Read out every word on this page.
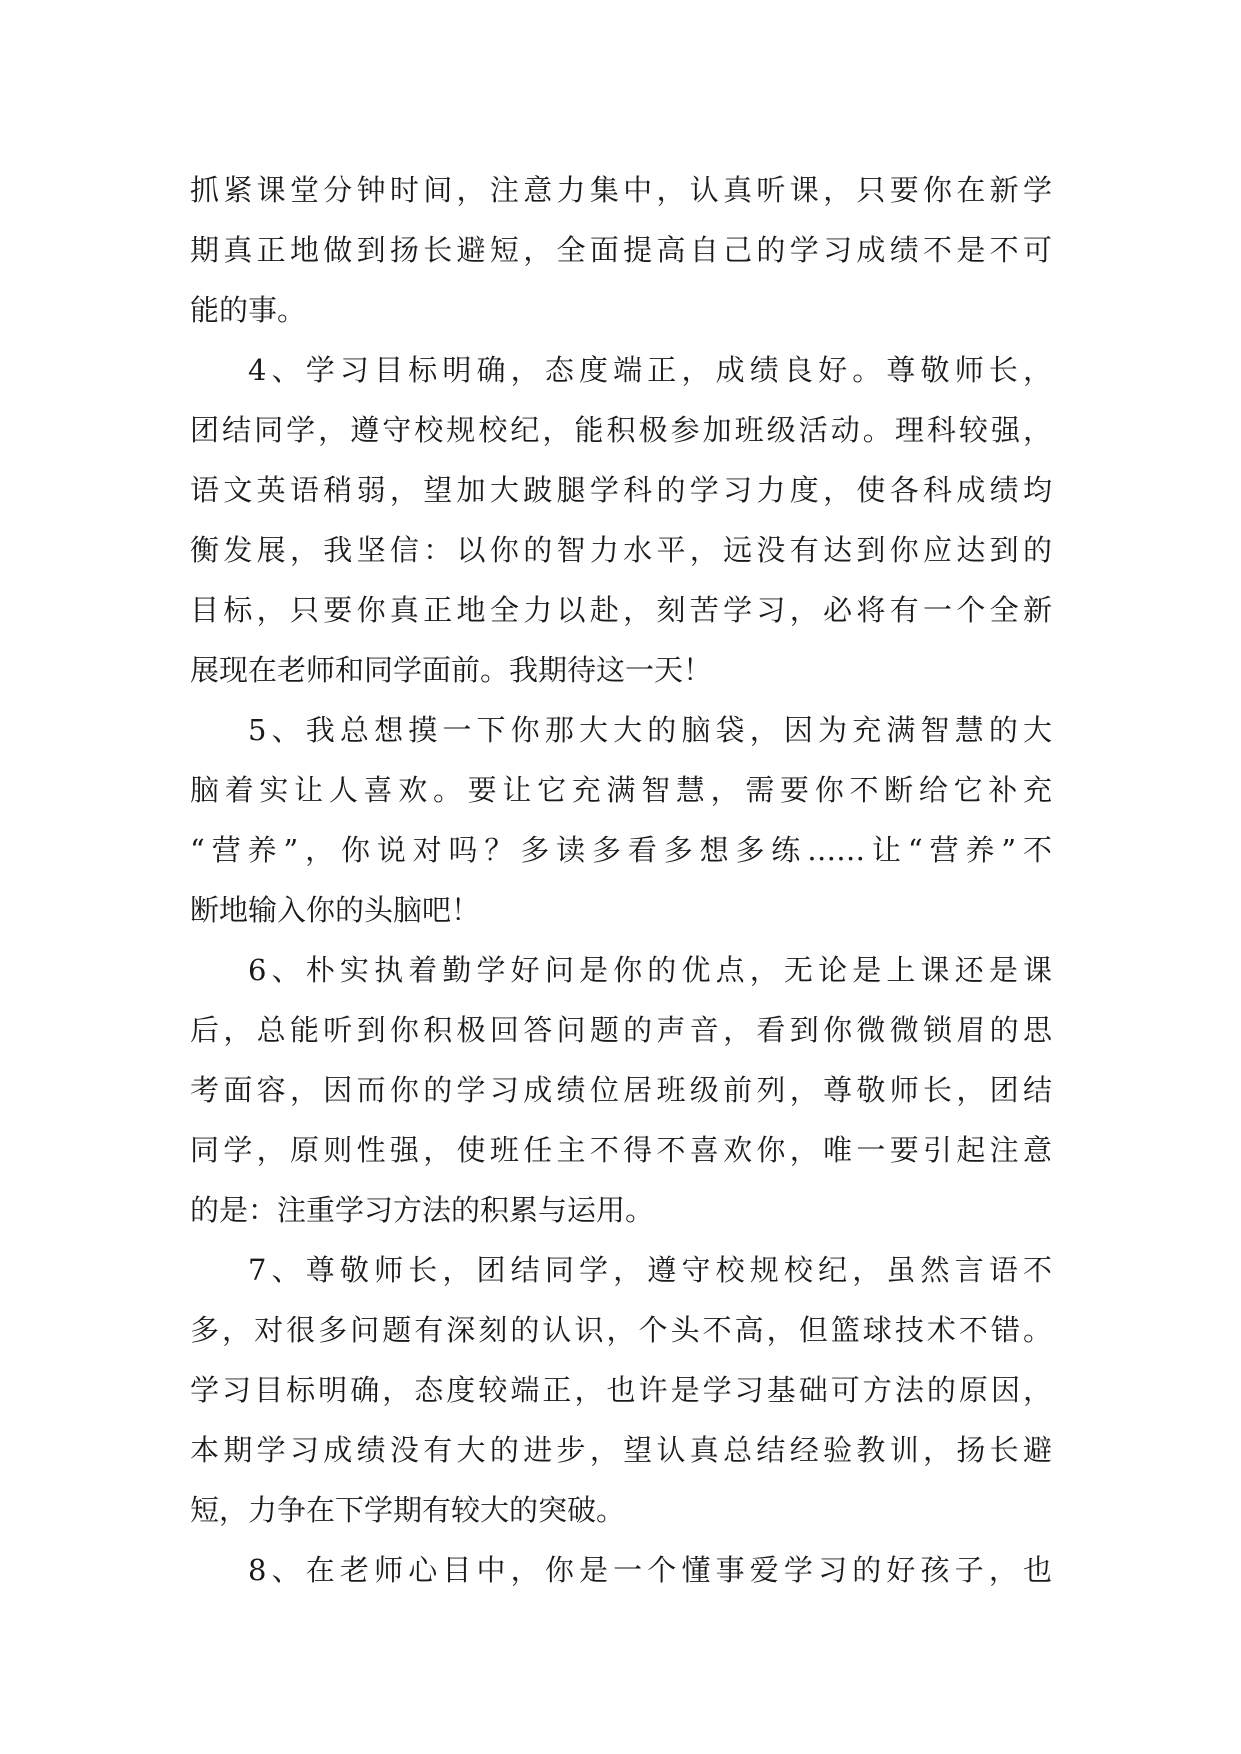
抓紧课堂分钟时间，注意力集中，认真听课，只要你在新学
期真正地做到扬长避短，全面提高自己的学习成绩不是不可
能的事。
4、学习目标明确，态度端正，成绩良好。尊敬师长，
团结同学，遵守校规校纪，能积极参加班级活动。理科较强，
语文英语稍弱，望加大跛腿学科的学习力度，使各科成绩均
衡发展，我坚信：以你的智力水平，远没有达到你应达到的
目标，只要你真正地全力以赴，刻苦学习，必将有一个全新
展现在老师和同学面前。我期待这一天！
5、我总想摸一下你那大大的脑袋，因为充满智慧的大
脑着实让人喜欢。要让它充满智慧，需要你不断给它补充
“营养”，你说对吗？多读多看多想多练……让“营养”不
断地输入你的头脑吧！
6、朴实执着勤学好问是你的优点，无论是上课还是课
后，总能听到你积极回答问题的声音，看到你微微锁眉的思
考面容，因而你的学习成绩位居班级前列，尊敬师长，团结
同学，原则性强，使班任主不得不喜欢你，唯一要引起注意
的是：注重学习方法的积累与运用。
7、尊敬师长，团结同学，遵守校规校纪，虽然言语不
多，对很多问题有深刻的认识，个头不高，但篮球技术不错。
学习目标明确，态度较端正，也许是学习基础可方法的原因，
本期学习成绩没有大的进步，望认真总结经验教训，扬长避
短，力争在下学期有较大的突破。
8、在老师心目中，你是一个懂事爱学习的好孩子，也
